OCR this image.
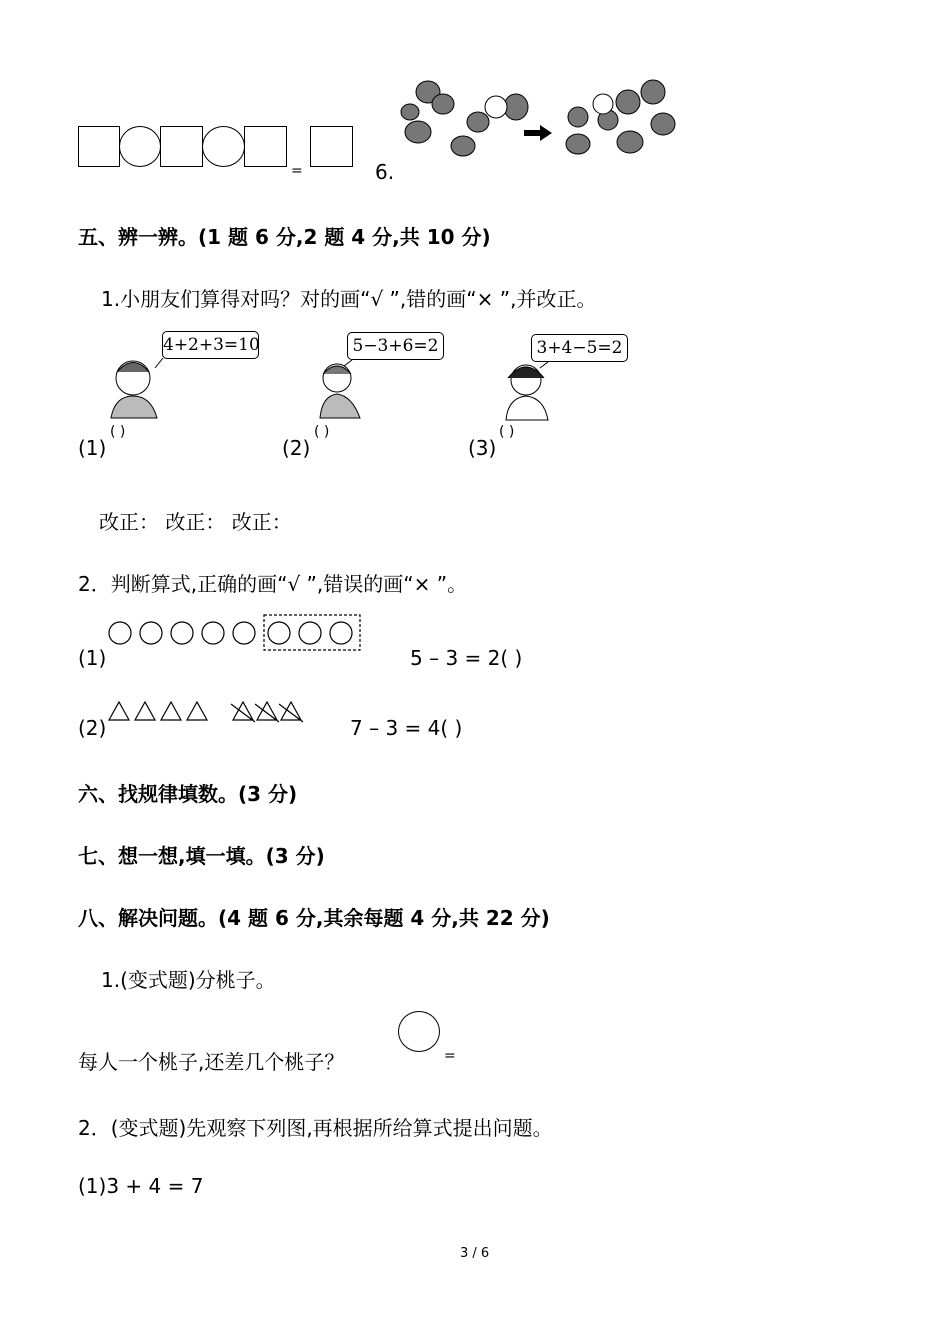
=	6.
五、辨一辨。(1 题 6 分,2 题 4 分,共 10 分)
1.小朋友们算得对吗？对的画“√ ”,错的画“× ”,并改正。
4+2+3=10	5−3+6=2	3+4−5=2
(1)
( )
(2)
( )
(3)
( )
改正： 改正： 改正：
2．判断算式,正确的画“√ ”,错误的画“× ”。
(1)	5 – 3 = 2( )
(2)	7 – 3 = 4( )
六、找规律填数。(3 分)
七、想一想,填一填。(3 分)
八、解决问题。(4 题 6 分,其余每题 4 分,共 22 分)
1.(变式题)分桃子。
每人一个桃子,还差几个桃子？	=
2．(变式题)先观察下列图,再根据所给算式提出问题。
(1)3 + 4 = 7
3 / 6
